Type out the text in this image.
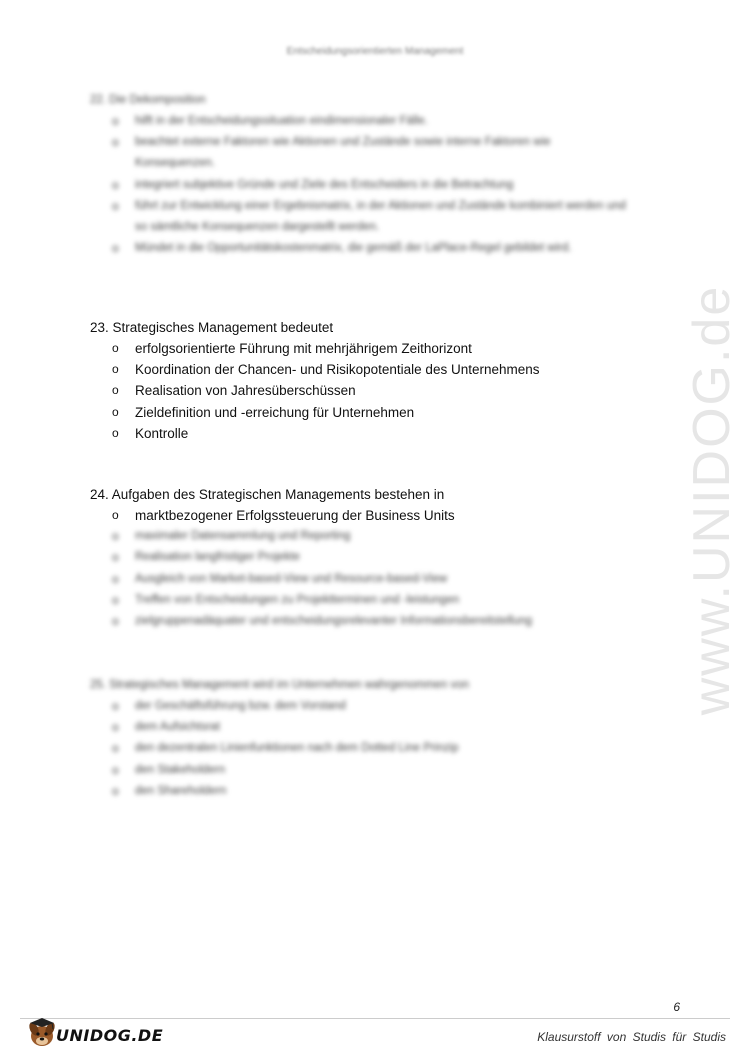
Entscheidungsorientierten Management
www.UNIDOG.de
22. Die Dekomposition
o hilft in der Entscheidungssituation eindimensionaler Fälle.
o beachtet externe Faktoren wie Aktionen und Zustände sowie interne Faktoren wie Konsequenzen.
o integriert subjektive Gründe und Ziele des Entscheiders in die Betrachtung
o führt zur Entwicklung einer Ergebnismatrix, in der Aktionen und Zustände kombiniert werden und so sämtliche Konsequenzen dargestellt werden.
o Mündet in die Opportunitätskostenmatrix, die gemäß der LaPlace-Regel gebildet wird.
23. Strategisches Management bedeutet
o erfolgsorientierte Führung mit mehrjährigem Zeithorizont
o Koordination der Chancen- und Risikopotentiale des Unternehmens
o Realisation von Jahresüberschüssen
o Zieldefinition und -erreichung für Unternehmen
o Kontrolle
24. Aufgaben des Strategischen Managements bestehen in
o marktbezogener Erfolgssteuerung der Business Units
o maximaler Datensammlung und Reporting
o Realisation langfristiger Projekte
o Ausgleich von Market-based-View und Resource-based-View
o Treffen von Entscheidungen zu Projektterminen und -leistungen
o zielgruppenadäquater und entscheidungsrelevanter Informationsbereitstellung
25. Strategisches Management wird im Unternehmen wahrgenommen von
o der Geschäftsführung bzw. dem Vorstand
o dem Aufsichtsrat
o den dezentralen Linienfunktionen nach dem Dotted Line Prinzip
o den Stakeholdern
o den Shareholdern
6
UNIDOG.DE	Klausurstoff von Studis für Studis
